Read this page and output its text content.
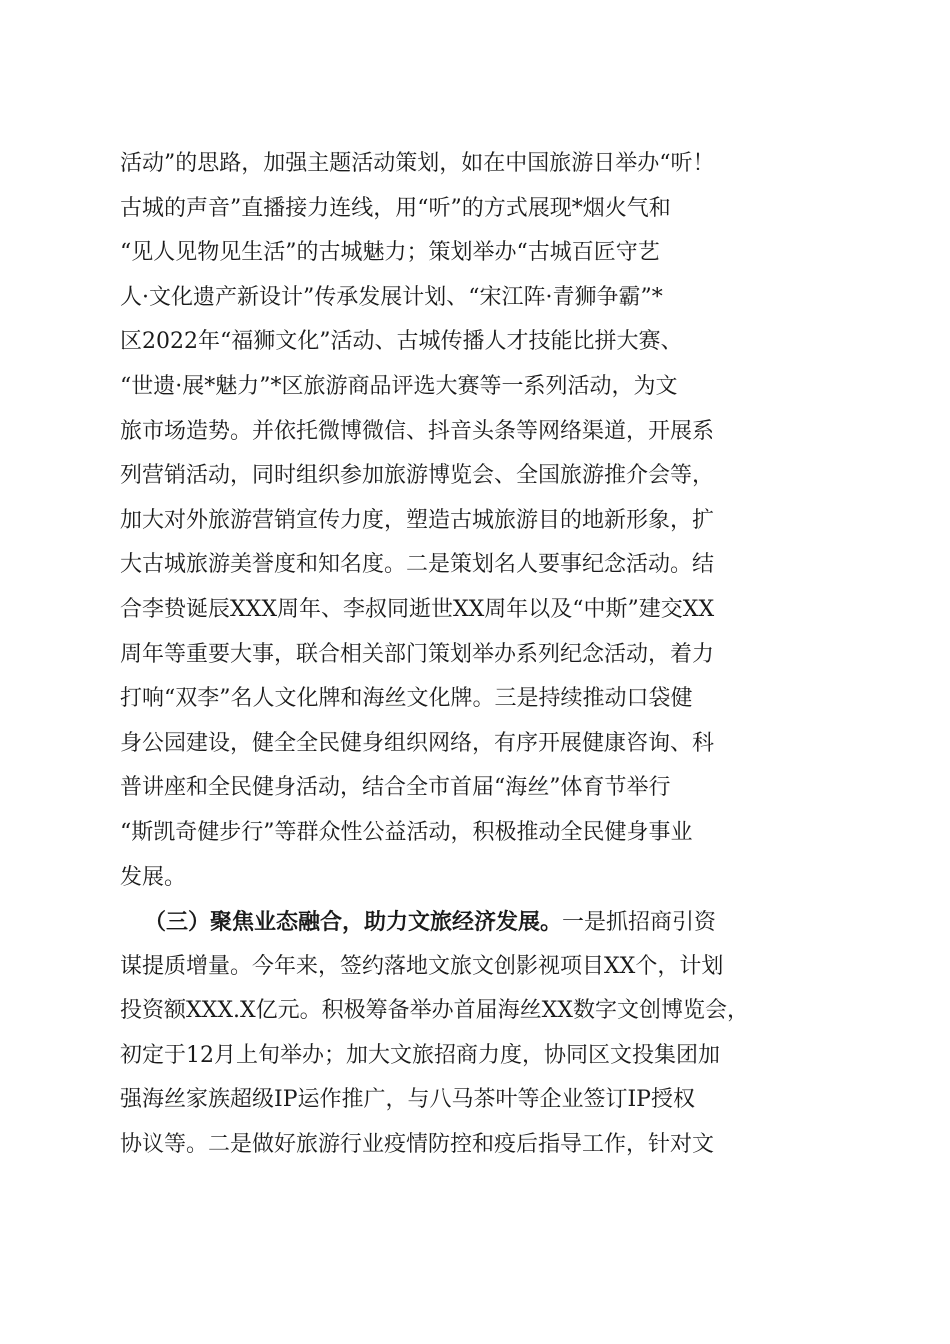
活动”的思路，加强主题活动策划，如在中国旅游日举办“听！
古城的声音”直播接力连线，用“听”的方式展现*烟火气和
“见人见物见生活”的古城魅力；策划举办“古城百匠守艺
人·文化遗产新设计”传承发展计划、“宋江阵·青狮争霸”*
区2022年“福狮文化”活动、古城传播人才技能比拼大赛、
“世遗·展*魅力”*区旅游商品评选大赛等一系列活动，为文
旅市场造势。并依托微博微信、抖音头条等网络渠道，开展系
列营销活动，同时组织参加旅游博览会、全国旅游推介会等，
加大对外旅游营销宣传力度，塑造古城旅游目的地新形象，扩
大古城旅游美誉度和知名度。二是策划名人要事纪念活动。结
合李贽诞辰XXX周年、李叔同逝世XX周年以及“中斯”建交XX
周年等重要大事，联合相关部门策划举办系列纪念活动，着力
打响“双李”名人文化牌和海丝文化牌。三是持续推动口袋健
身公园建设，健全全民健身组织网络，有序开展健康咨询、科
普讲座和全民健身活动，结合全市首届“海丝”体育节举行
“斯凯奇健步行”等群众性公益活动，积极推动全民健身事业
发展。
（三）聚焦业态融合，助力文旅经济发展。一是抓招商引资
谋提质增量。今年来，签约落地文旅文创影视项目XX个，计划
投资额XXX.X亿元。积极筹备举办首届海丝XX数字文创博览会，
初定于12月上旬举办；加大文旅招商力度，协同区文投集团加
强海丝家族超级IP运作推广，与八马茶叶等企业签订IP授权
协议等。二是做好旅游行业疫情防控和疫后指导工作，针对文
